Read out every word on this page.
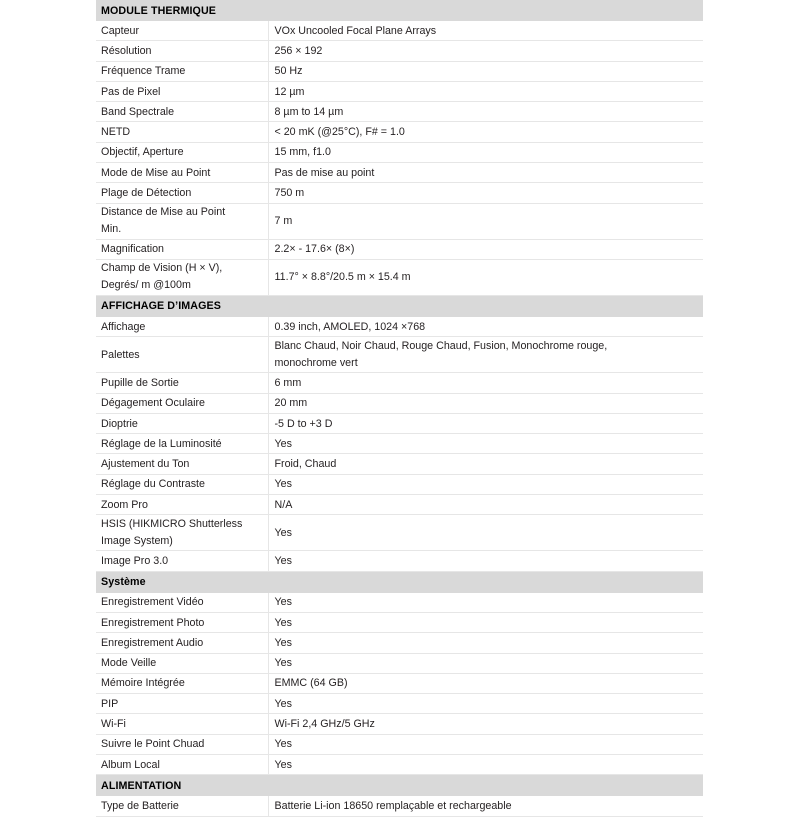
MODULE THERMIQUE	
Capteur	VOx Uncooled Focal Plane Arrays
Résolution	256 × 192
Fréquence Trame	50 Hz
Pas de Pixel	12 µm
Band Spectrale	8 µm to 14 µm
NETD	< 20 mK (@25°C), F# = 1.0
Objectif, Aperture	15 mm, f1.0
Mode de Mise au Point	Pas de mise au point
Plage de Détection	750 m

Distance de Mise au Point
Min.	7 m
Magnification	2.2× - 17.6× (8×)

Champ de Vision (H × V),
Degrés/ m @100m	11.7° × 8.8°/20.5 m × 15.4 m
AFFICHAGE D’IMAGES	
Affichage	0.39 inch, AMOLED, 1024 ×768
Palettes	Blanc Chaud, Noir Chaud, Rouge Chaud, Fusion, Monochrome rouge,
monochrome vert

Pupille de Sortie	6 mm
Dégagement Oculaire	20 mm
Dioptrie	-5 D to +3 D
Réglage de la Luminosité	Yes
Ajustement du Ton	Froid, Chaud
Réglage du Contraste	Yes
Zoom Pro	N/A

HSIS (HIKMICRO Shutterless
Image System)	Yes
Image Pro 3.0	Yes
Système	
Enregistrement Vidéo	Yes
Enregistrement Photo	Yes
Enregistrement Audio	Yes
Mode Veille	Yes
Mémoire Intégrée	EMMC (64 GB)
PIP	Yes
Wi-Fi	Wi-Fi 2,4 GHz/5 GHz
Suivre le Point Chuad	Yes
Album Local	Yes
ALIMENTATION	
Type de Batterie	Batterie Li-ion 18650 remplaçable et rechargeable
